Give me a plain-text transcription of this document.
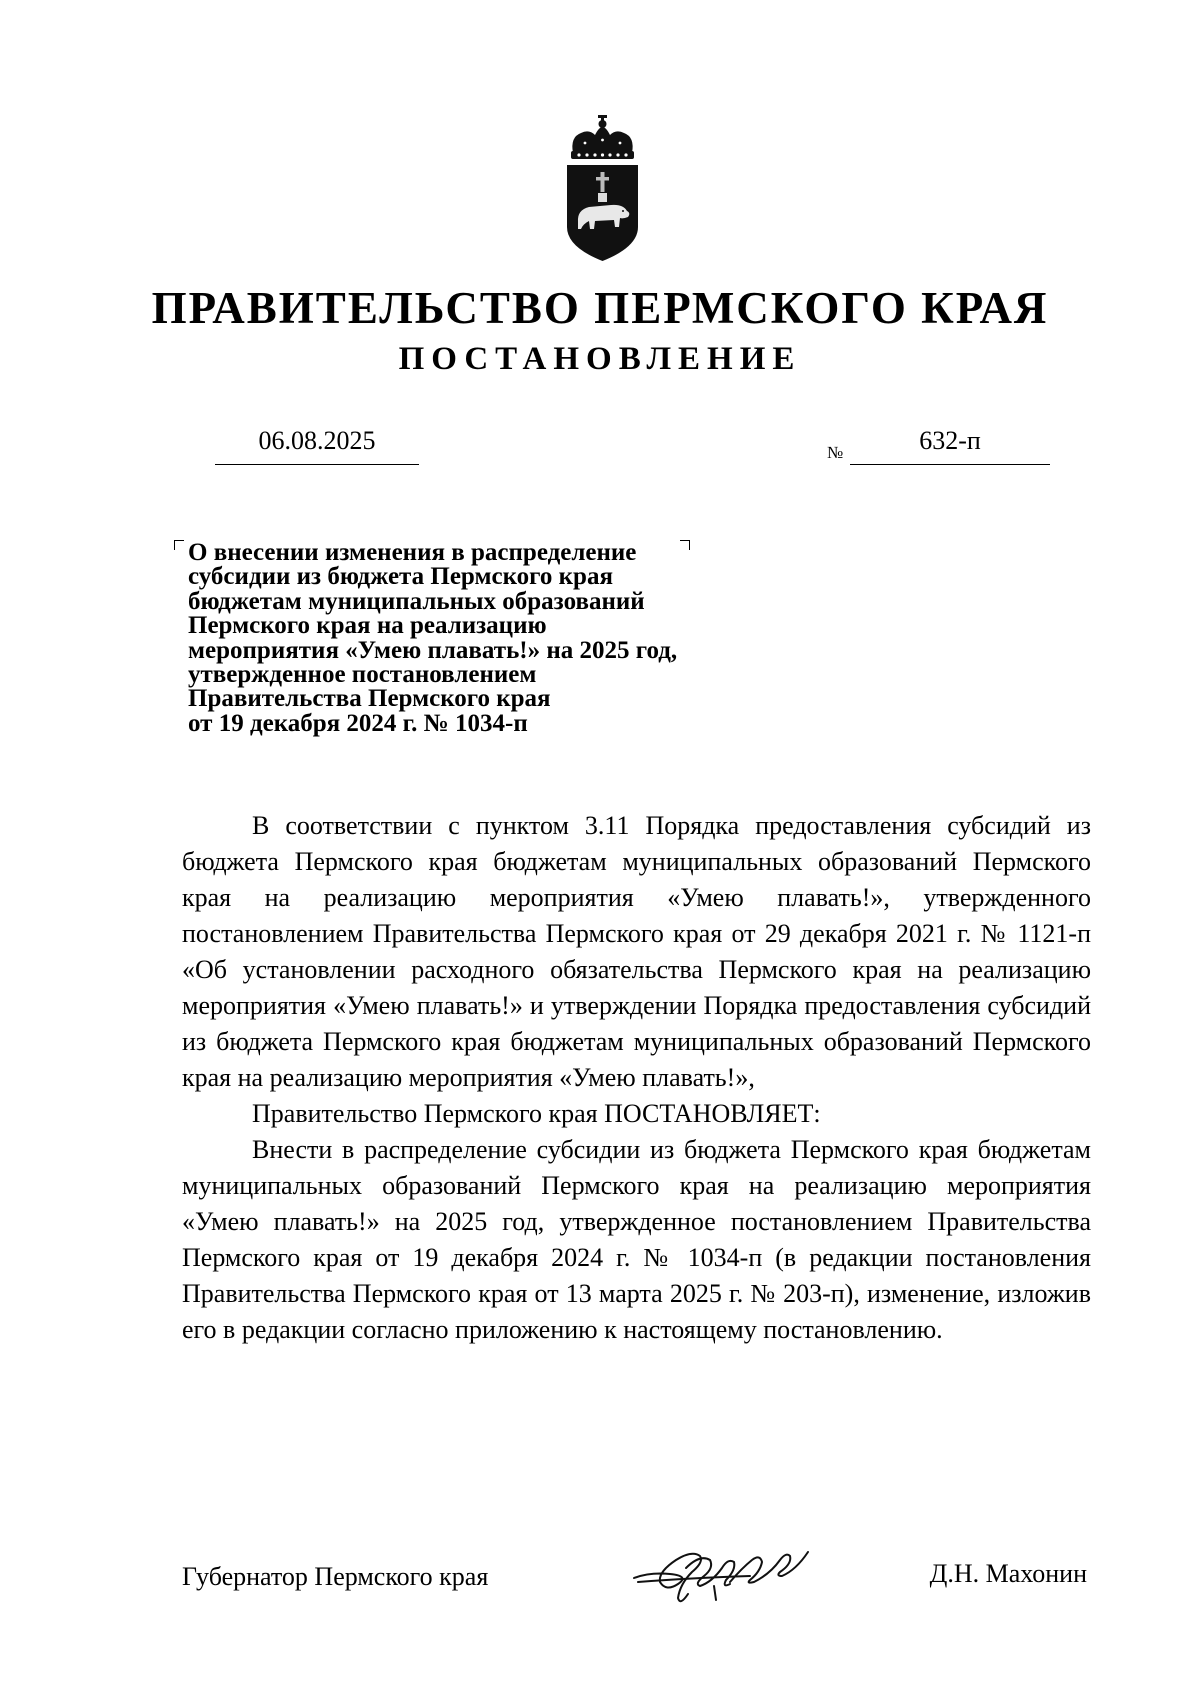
ПРАВИТЕЛЬСТВО ПЕРМСКОГО КРАЯ
ПОСТАНОВЛЕНИЕ
06.08.2025	№	632-п
О внесении изменения в распределение
субсидии из бюджета Пермского края
бюджетам муниципальных образований
Пермского края на реализацию
мероприятия «Умею плавать!» на 2025 год,
утвержденное постановлением
Правительства Пермского края
от 19 декабря 2024 г. № 1034-п

В соответствии с пунктом 3.11 Порядка предоставления субсидий из бюджета Пермского края бюджетам муниципальных образований Пермского края на реализацию мероприятия «Умею плавать!», утвержденного постановлением Правительства Пермского края от 29 декабря 2021 г. № 1121-п «Об установлении расходного обязательства Пермского края на реализацию мероприятия «Умею плавать!» и утверждении Порядка предоставления субсидий из бюджета Пермского края бюджетам муниципальных образований Пермского края на реализацию мероприятия «Умею плавать!»,

Правительство Пермского края ПОСТАНОВЛЯЕТ:

Внести в распределение субсидии из бюджета Пермского края бюджетам муниципальных образований Пермского края на реализацию мероприятия «Умею плавать!» на 2025 год, утвержденное постановлением Правительства Пермского края от 19 декабря 2024 г. № 1034-п (в редакции постановления Правительства Пермского края от 13 марта 2025 г. № 203-п), изменение, изложив его в редакции согласно приложению к настоящему постановлению.

Губернатор Пермского края	Д.Н. Махонин
